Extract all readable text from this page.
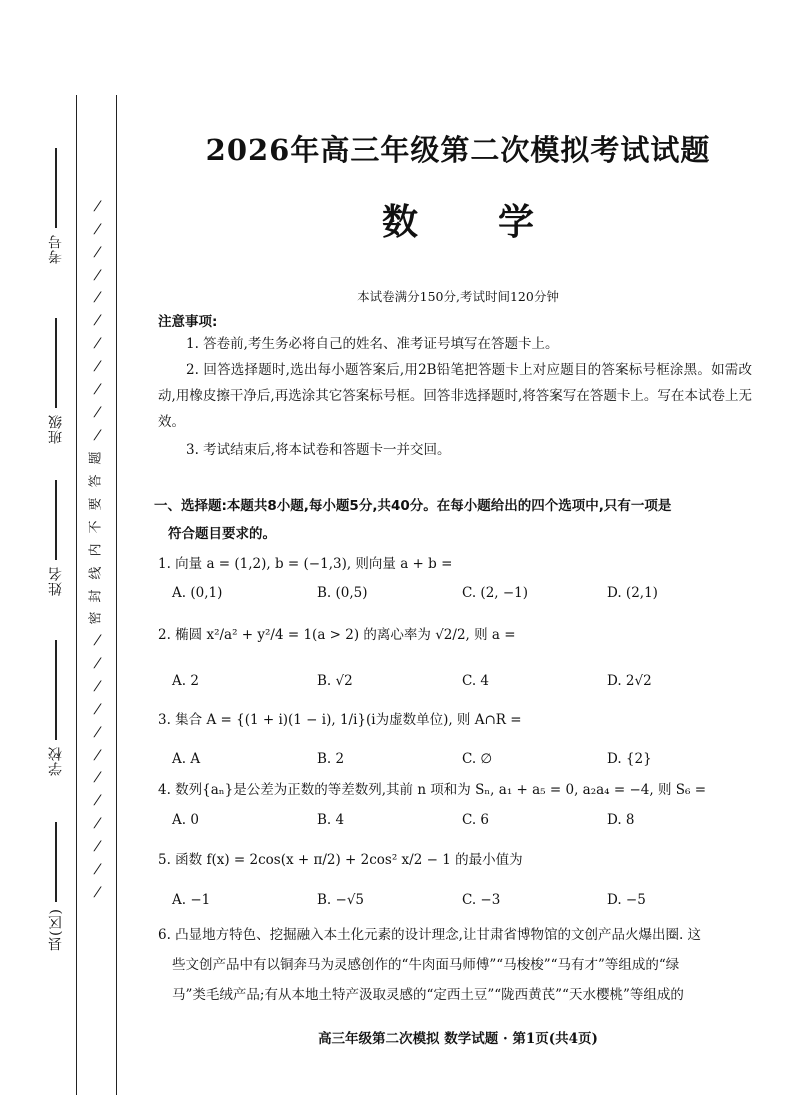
考号
班级
姓名
学校
县(区)
/
/
/
/
/
/
/
/
/
/
/
题
答
要
不
内
线
封
密
/
/
/
/
/
/
/
/
/
/
/
/
2026年高三年级第二次模拟考试试题
数 学
本试卷满分150分,考试时间120分钟
注意事项:
1. 答卷前,考生务必将自己的姓名、准考证号填写在答题卡上。
2. 回答选择题时,选出每小题答案后,用2B铅笔把答题卡上对应题目的答案标号框涂黑。如需改动,用橡皮擦干净后,再选涂其它答案标号框。回答非选择题时,将答案写在答题卡上。写在本试卷上无效。
3. 考试结束后,将本试卷和答题卡一并交回。
一、选择题:本题共8小题,每小题5分,共40分。在每小题给出的四个选项中,只有一项是
符合题目要求的。
1. 向量 a = (1,2), b = (−1,3), 则向量 a + b =
A. (0,1)	B. (0,5)	C. (2, −1)	D. (2,1)
2. 椭圆 x²/a² + y²/4 = 1(a > 2) 的离心率为 √2/2, 则 a =
A. 2	B. √2	C. 4	D. 2√2
3. 集合 A = {(1 + i)(1 − i), 1/i}(i为虚数单位), 则 A∩R =
A. A	B. 2	C. ∅	D. {2}
4. 数列{aₙ}是公差为正数的等差数列,其前 n 项和为 Sₙ, a₁ + a₅ = 0, a₂a₄ = −4, 则 S₆ =
A. 0	B. 4	C. 6	D. 8
5. 函数 f(x) = 2cos(x + π/2) + 2cos² x/2 − 1 的最小值为
A. −1	B. −√5	C. −3	D. −5
6. 凸显地方特色、挖掘融入本土化元素的设计理念,让甘肃省博物馆的文创产品火爆出圈. 这
些文创产品中有以铜奔马为灵感创作的“牛肉面马师傅”“马梭梭”“马有才”等组成的“绿
马”类毛绒产品;有从本地土特产汲取灵感的“定西土豆”“陇西黄芪”“天水樱桃”等组成的
高三年级第二次模拟 数学试题 · 第1页(共4页)
